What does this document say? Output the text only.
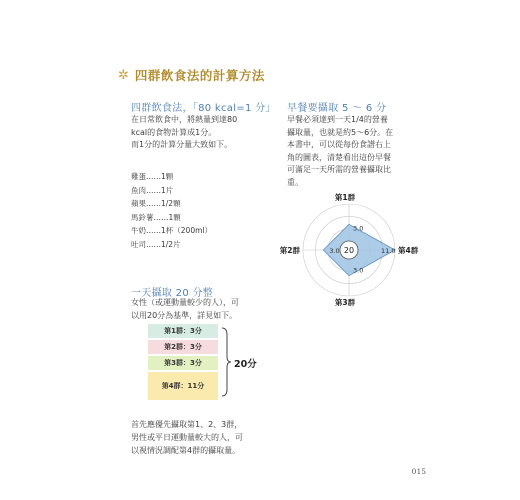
✲ 四群飲食法的計算方法
四群飲食法，「80 kcal=1 分」
在日常飲食中，將熱量到達80
kcal的食物計算成1分。
而1分的計算分量大致如下。
雞蛋……1顆
魚肉……1片
蘋果……1/2顆
馬鈴薯……1顆
牛奶……1杯（200ml）
吐司……1/2片
一天攝取 20 分整
女性（或運動量較少的人），可
以用20分為基準，詳見如下。
第1群：3分
第2群：3分
第3群：3分
第4群：11分
20分
首先應優先攝取第1、2、3群，
男性或平日運動量較大的人，可
以視情況調配第4群的攝取量。
早餐要攝取 5 ～ 6 分
早餐必須達到一天1/4的營養
攝取量，也就是約5～6分。在
本書中，可以從每份食譜右上
角的圖表，清楚看出這份早餐
可滿足一天所需的營養攝取比
重。
3.0
11.0
3.0
3.0
第1群
第4群
第3群
第2群	20
015
